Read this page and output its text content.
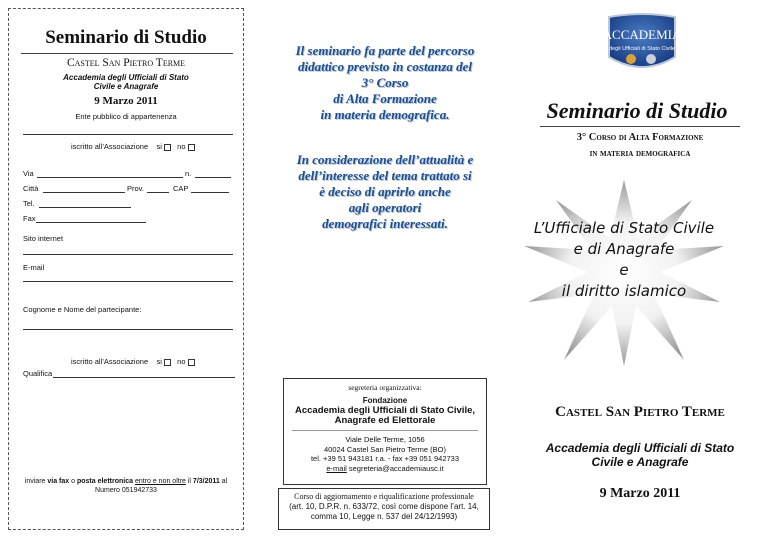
Seminario di Studio
Castel San Pietro Terme
Accademia degli Ufficiali di Stato
Civile e Anagrafe
9 Marzo 2011
Ente pubblico di appartenenza
iscritto all’Associazione si no
Via	n.
Città	Prov.	CAP
Tel.
Fax
Sito internet
E-mail
Cognome e Nome del partecipante:
iscritto all’Associazione si no
Qualifica
inviare via fax o posta elettronica entro e non oltre il 7/3/2011 al
Numero 051942733
Il seminario fa parte del percorso
didattico previsto in costanza del
3° Corso
di Alta Formazione
in materia demografica.
In considerazione dell’attualità e
dell’interesse del tema trattato si
è deciso di aprirlo anche
agli operatori
demografici interessati.
segreteria organizzativa:
Fondazione
Accademia degli Ufficiali di Stato Civile,
Anagrafe ed Elettorale
Viale Delle Terme, 1056
40024 Castel San Pietro Terme (BO)
tel. +39 51 943181 r.a. - fax +39 051 942733
e-mail segreteria@accademiausc.it
Corso di aggiornamento e riqualificazione professionale
(art. 10, D.P.R. n. 633/72, così come dispone l’art. 14,
comma 10, Legge n. 537 del 24/12/1993)
ACCADEMIA
degli Ufficiali di Stato Civile
Seminario di Studio
3° Corso di Alta Formazione
in materia demografica
L’Ufficiale di Stato Civile
e di Anagrafe
e
il diritto islamico
Castel San Pietro Terme
Accademia degli Ufficiali di Stato
Civile e Anagrafe
9 Marzo 2011
